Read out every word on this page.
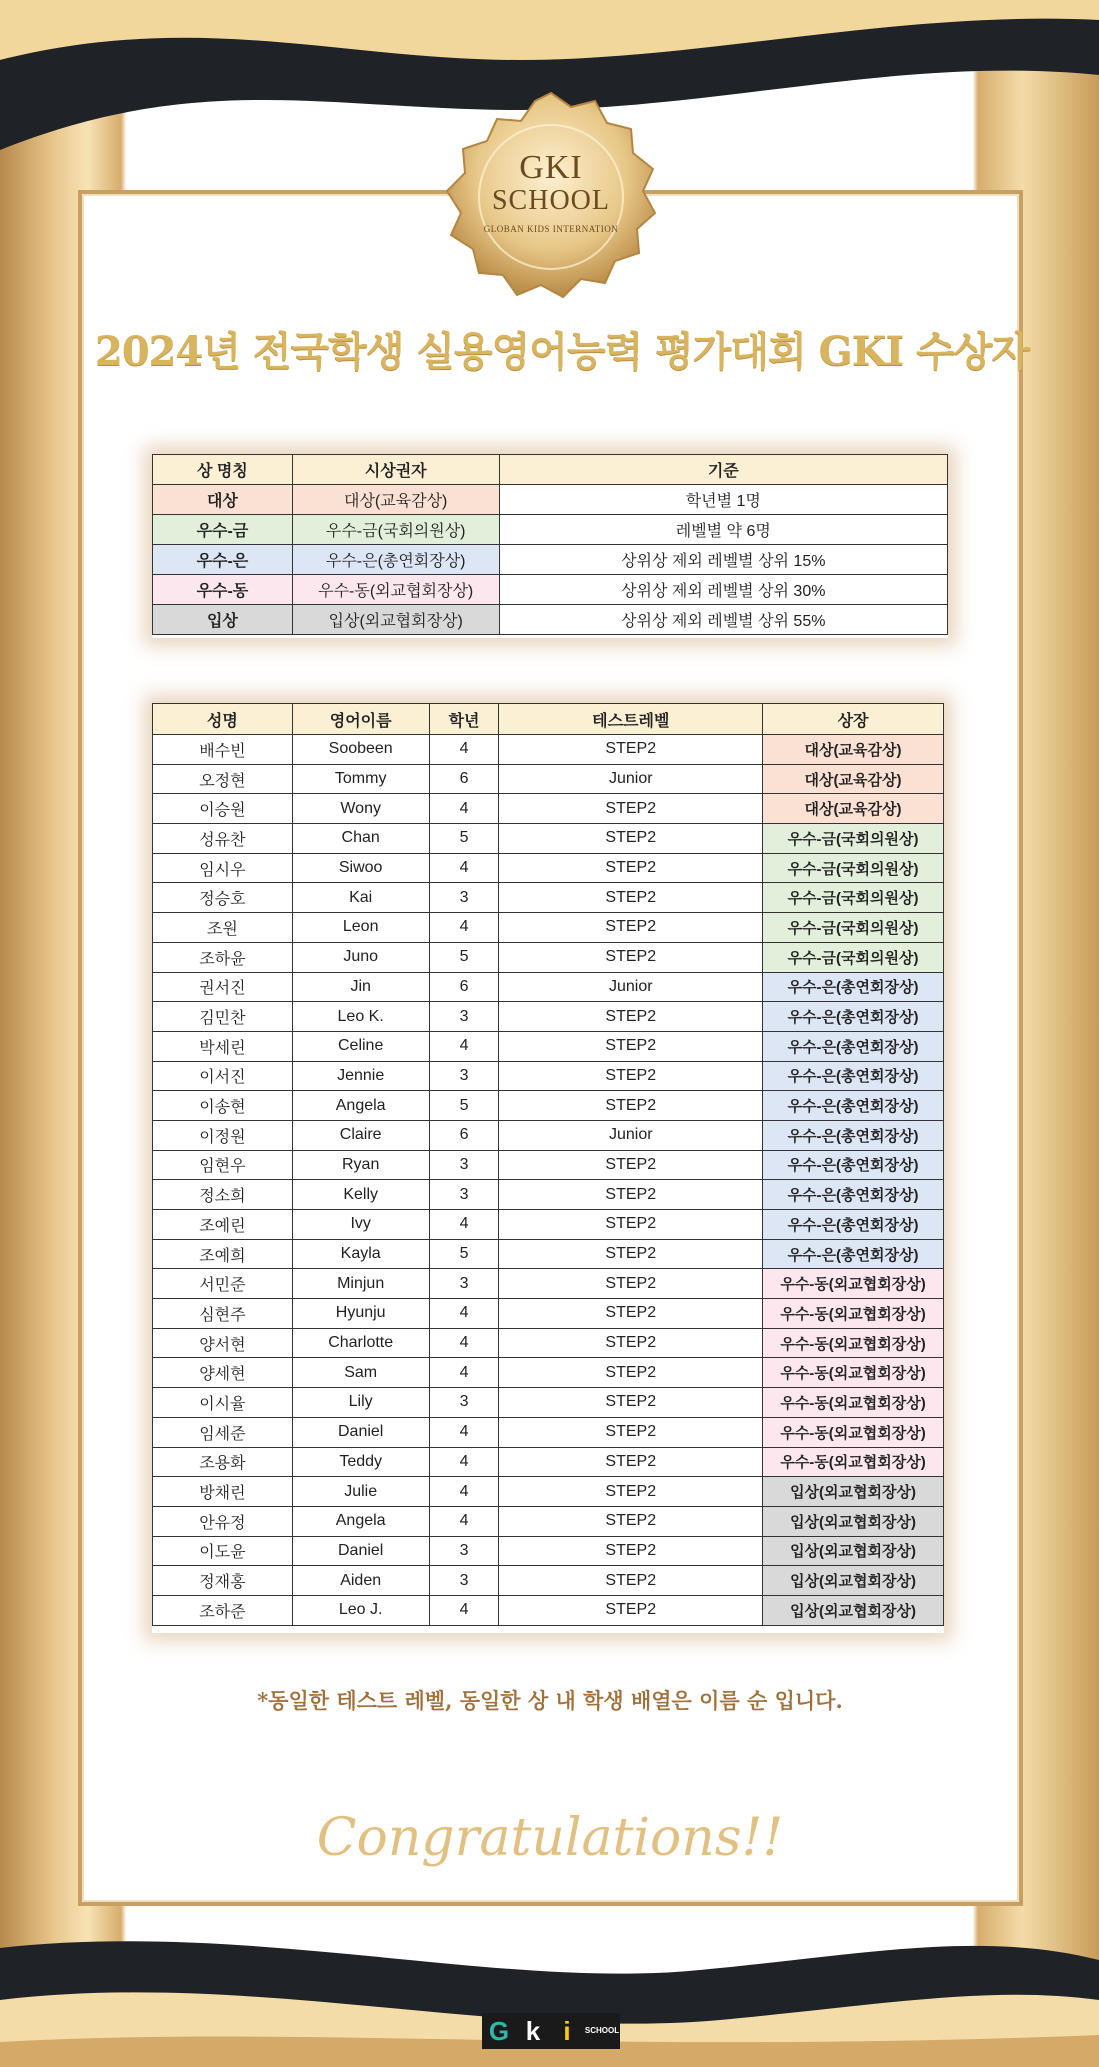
GKI
SCHOOL
GLOBAN KIDS INTERNATION
2024년 전국학생 실용영어능력 평가대회 GKI 수상자
상 명칭	시상권자	기준
대상	대상(교육감상)	학년별 1명
우수-금	우수-금(국회의원상)	레벨별 약 6명
우수-은	우수-은(총연회장상)	상위상 제외 레벨별 상위 15%
우수-동	우수-동(외교협회장상)	상위상 제외 레벨별 상위 30%
입상	입상(외교협회장상)	상위상 제외 레벨별 상위 55%
성명	영어이름	학년	테스트레벨	상장
배수빈	Soobeen	4	STEP2	대상(교육감상)
오정현	Tommy	6	Junior	대상(교육감상)
이승원	Wony	4	STEP2	대상(교육감상)
성유찬	Chan	5	STEP2	우수-금(국회의원상)
임시우	Siwoo	4	STEP2	우수-금(국회의원상)
정승호	Kai	3	STEP2	우수-금(국회의원상)
조원	Leon	4	STEP2	우수-금(국회의원상)
조하윤	Juno	5	STEP2	우수-금(국회의원상)
권서진	Jin	6	Junior	우수-은(총연회장상)
김민찬	Leo K.	3	STEP2	우수-은(총연회장상)
박세린	Celine	4	STEP2	우수-은(총연회장상)
이서진	Jennie	3	STEP2	우수-은(총연회장상)
이송현	Angela	5	STEP2	우수-은(총연회장상)
이정원	Claire	6	Junior	우수-은(총연회장상)
임현우	Ryan	3	STEP2	우수-은(총연회장상)
정소희	Kelly	3	STEP2	우수-은(총연회장상)
조예린	Ivy	4	STEP2	우수-은(총연회장상)
조예희	Kayla	5	STEP2	우수-은(총연회장상)
서민준	Minjun	3	STEP2	우수-동(외교협회장상)
심현주	Hyunju	4	STEP2	우수-동(외교협회장상)
양서현	Charlotte	4	STEP2	우수-동(외교협회장상)
양세현	Sam	4	STEP2	우수-동(외교협회장상)
이시율	Lily	3	STEP2	우수-동(외교협회장상)
임세준	Daniel	4	STEP2	우수-동(외교협회장상)
조용화	Teddy	4	STEP2	우수-동(외교협회장상)
방채린	Julie	4	STEP2	입상(외교협회장상)
안유정	Angela	4	STEP2	입상(외교협회장상)
이도윤	Daniel	3	STEP2	입상(외교협회장상)
정재홍	Aiden	3	STEP2	입상(외교협회장상)
조하준	Leo J.	4	STEP2	입상(외교협회장상)
*동일한 테스트 레벨, 동일한 상 내 학생 배열은 이름 순 입니다.
Congratulations!!
G k i	SCHOOL
